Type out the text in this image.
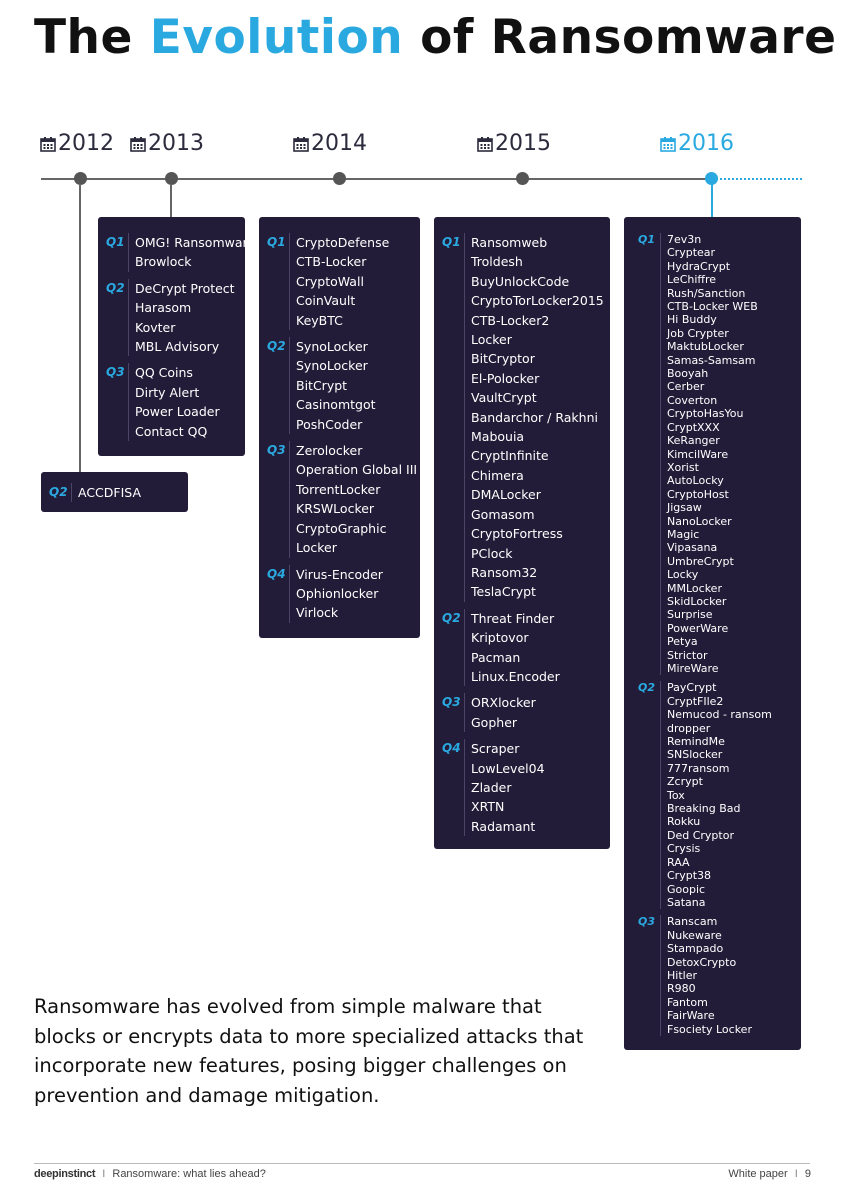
The Evolution of Ransomware
2012 2013	2014	2015	2016
Q2 ACCDFISA
Q1 OMG! Ransomware
Browlock
Q2 DeCrypt Protect
Harasom
Kovter
MBL Advisory
Q3 QQ Coins
Dirty Alert
Power Loader
Contact QQ
Q1 CryptoDefense
CTB-Locker
CryptoWall
CoinVault
KeyBTC
Q2 SynoLocker
SynoLocker
BitCrypt
Casinomtgot
PoshCoder
Q3 Zerolocker
Operation Global III
TorrentLocker
KRSWLocker
CryptoGraphic
Locker
Q4 Virus-Encoder
Ophionlocker
Virlock
Q1 Ransomweb
Troldesh
BuyUnlockCode
CryptoTorLocker2015
CTB-Locker2
Locker
BitCryptor
El-Polocker
VaultCrypt
Bandarchor / Rakhni
Mabouia
CryptInfinite
Chimera
DMALocker
Gomasom
CryptoFortress
PClock
Ransom32
TeslaCrypt
Q2 Threat Finder
Kriptovor
Pacman
Linux.Encoder
Q3 ORXlocker
Gopher
Q4 Scraper
LowLevel04
Zlader
XRTN
Radamant
Q1	7ev3n
Cryptear
HydraCrypt
LeChiffre
Rush/Sanction
CTB-Locker WEB
Hi Buddy
Job Crypter
MaktubLocker
Samas-Samsam
Booyah
Cerber
Coverton
CryptoHasYou
CryptXXX
KeRanger
KimcilWare
Xorist
AutoLocky
CryptoHost
Jigsaw
NanoLocker
Magic
Vipasana
UmbreCrypt
Locky
MMLocker
SkidLocker
Surprise
PowerWare
Petya
Strictor
MireWare
Q2	PayCrypt
CryptFIle2
Nemucod - ransom
dropper
RemindMe
SNSlocker
777ransom
Zcrypt
Tox
Breaking Bad
Rokku
Ded Cryptor
Crysis
RAA
Crypt38
Goopic
Satana
Q3	Ranscam
Nukeware
Stampado
DetoxCrypto
Hitler
R980
Fantom
FairWare
Fsociety Locker

Ransomware has evolved from simple malware that blocks or encrypts data to more specialized attacks that incorporate new features, posing bigger challenges on prevention and damage mitigation.

deepinstinct I Ransomware: what lies ahead?	White paper I 9
